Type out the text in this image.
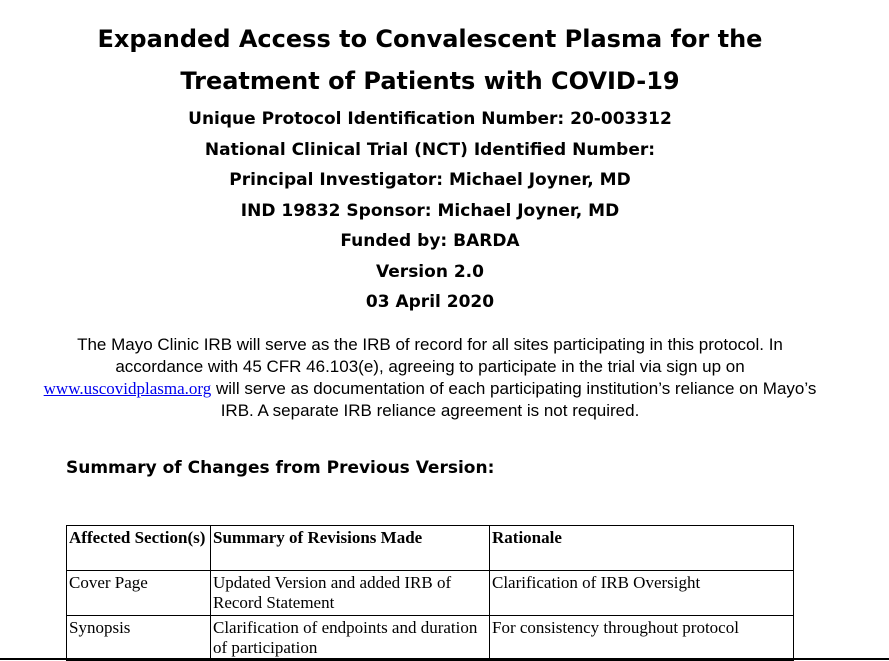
Expanded Access to Convalescent Plasma for the
Treatment of Patients with COVID-19
Unique Protocol Identification Number: 20-003312
National Clinical Trial (NCT) Identified Number:
Principal Investigator: Michael Joyner, MD
IND 19832 Sponsor: Michael Joyner, MD
Funded by: BARDA
Version 2.0
03 April 2020

The Mayo Clinic IRB will serve as the IRB of record for all sites participating in this protocol. In accordance with 45 CFR 46.103(e), agreeing to participate in the trial via sign up on www.uscovidplasma.org will serve as documentation of each participating institution’s reliance on Mayo’s IRB. A separate IRB reliance agreement is not required.

Summary of Changes from Previous Version:
Affected Section(s)	Summary of Revisions Made	Rationale
Cover Page	Updated Version and added IRB of Record Statement	Clarification of IRB Oversight
Synopsis	Clarification of endpoints and duration of participation	For consistency throughout protocol
